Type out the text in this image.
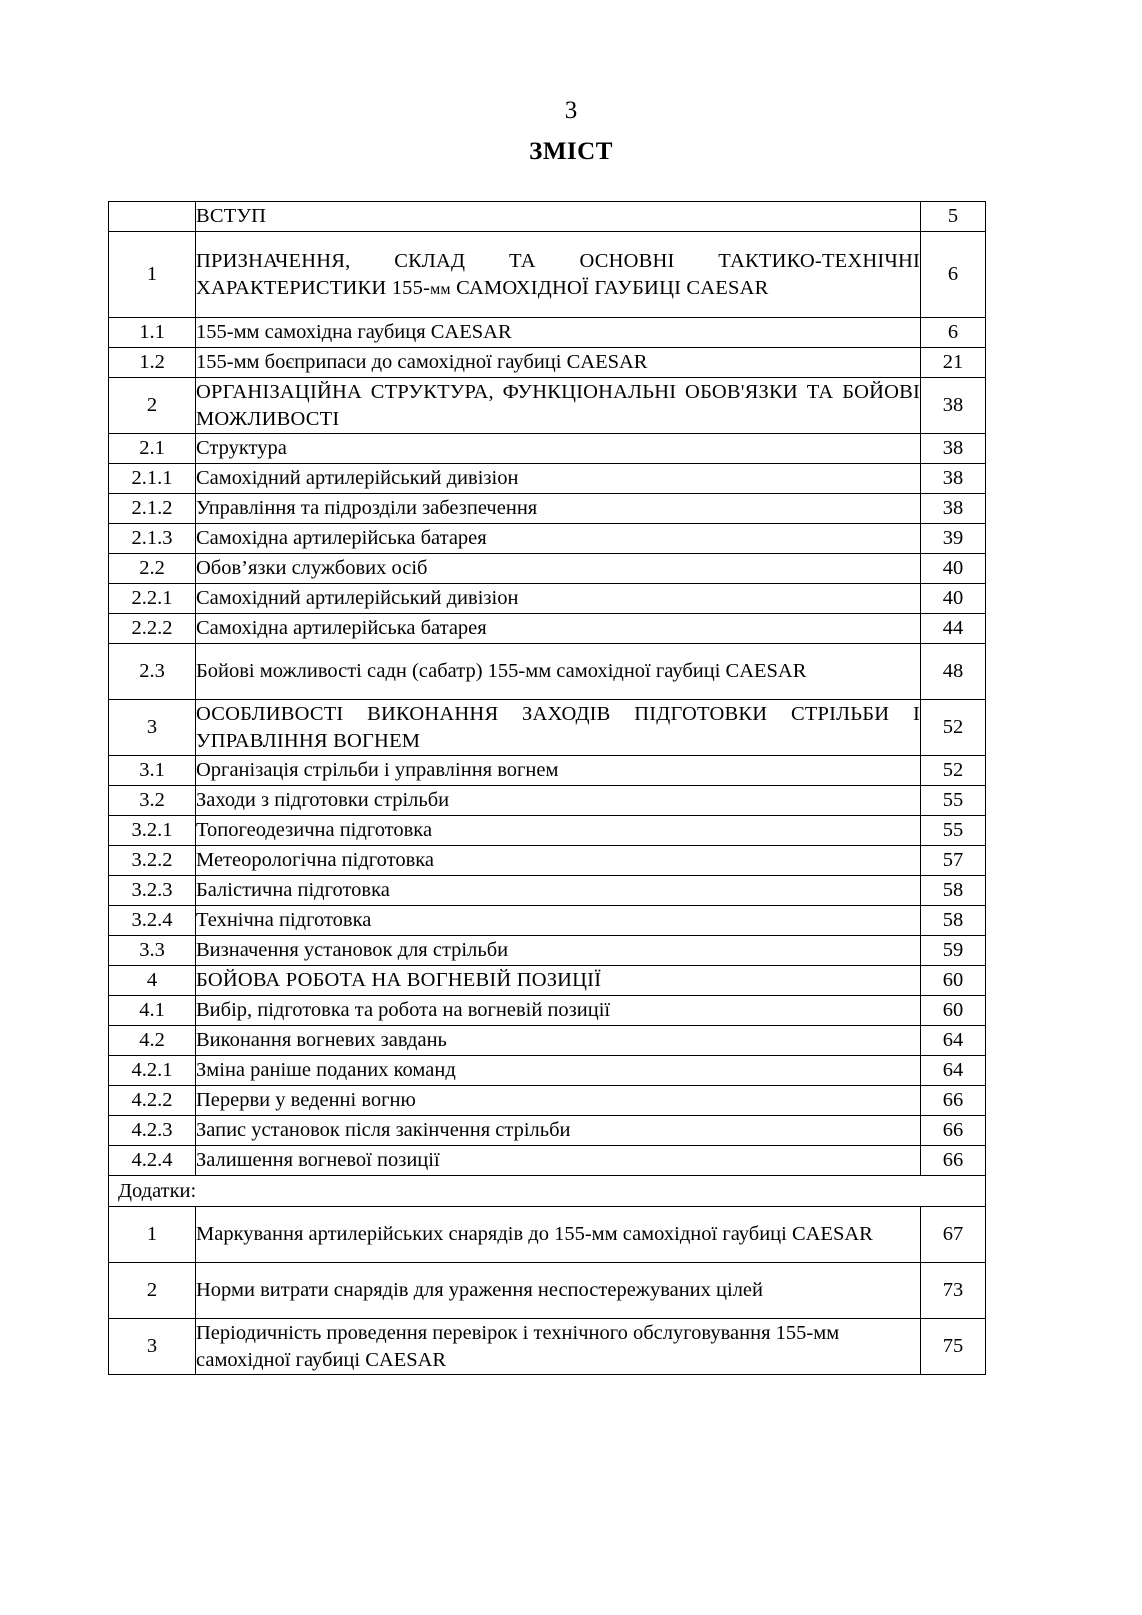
3
ЗМІСТ
	ВСТУП	5
1	ПРИЗНАЧЕННЯ, СКЛАД ТА ОСНОВНІ ТАКТИКО-ТЕХНІЧНІ ХАРАКТЕРИСТИКИ 155-мм САМОХІДНОЇ ГАУБИЦІ CAESAR	6
1.1	155-мм самохідна гаубиця CAESAR	6
1.2	155-мм боєприпаси до самохідної гаубиці CAESAR	21
2	ОРГАНІЗАЦІЙНА СТРУКТУРА, ФУНКЦІОНАЛЬНІ ОБОВ'ЯЗКИ ТА БОЙОВІ МОЖЛИВОСТІ	38
2.1	Структура	38
2.1.1	Самохідний артилерійський дивізіон	38
2.1.2	Управління та підрозділи забезпечення	38
2.1.3	Самохідна артилерійська батарея	39
2.2	Обов’язки службових осіб	40
2.2.1	Самохідний артилерійський дивізіон	40
2.2.2	Самохідна артилерійська батарея	44
2.3	Бойові можливості садн (сабатр) 155-мм самохідної гаубиці CAESAR	48
3	ОСОБЛИВОСТІ ВИКОНАННЯ ЗАХОДІВ ПІДГОТОВКИ СТРІЛЬБИ І УПРАВЛІННЯ ВОГНЕМ	52
3.1	Організація стрільби і управління вогнем	52
3.2	Заходи з підготовки стрільби	55
3.2.1	Топогеодезична підготовка	55
3.2.2	Метеорологічна підготовка	57
3.2.3	Балістична підготовка	58
3.2.4	Технічна підготовка	58
3.3	Визначення установок для стрільби	59
4	БОЙОВА РОБОТА НА ВОГНЕВІЙ ПОЗИЦІЇ	60
4.1	Вибір, підготовка та робота на вогневій позиції	60
4.2	Виконання вогневих завдань	64
4.2.1	Зміна раніше поданих команд	64
4.2.2	Перерви у веденні вогню	66
4.2.3	Запис установок після закінчення стрільби	66
4.2.4	Залишення вогневої позиції	66
Додатки:		
1	Маркування артилерійських снарядів до 155-мм самохідної гаубиці CAESAR	67
2	Норми витрати снарядів для ураження неспостережуваних цілей	73
3	Періодичність проведення перевірок і технічного обслуговування 155-мм самохідної гаубиці CAESAR	75
